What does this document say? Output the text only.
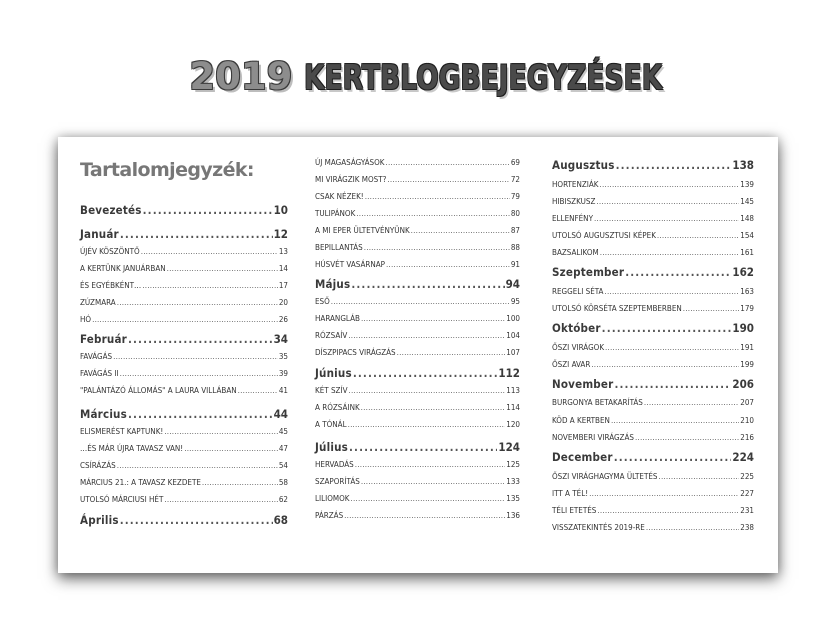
2019 KERTBLOGBEJEGYZÉSEK
Tartalomjegyzék:
Bevezetés .....	10
Január .....	12
ÚJÉV KÖSZÖNTŐ .....	13
A KERTÜNK JANUÁRBAN .....	14
ÉS EGYÉBKÉNT… .....	17
ZÚZMARA .....	20
HÓ .....	26
Február .....	34
FAVÁGÁS .....	35
FAVÁGÁS II .....	39
"PALÁNTÁZÓ ÁLLOMÁS" A LAURA VILLÁBAN .....	41
Március .....	44
ELISMERÉST KAPTUNK! .....	45
…ÉS MÁR ÚJRA TAVASZ VAN! .....	47
CSÍRÁZÁS .....	54
MÁRCIUS 21.: A TAVASZ KEZDETE .....	58
UTOLSÓ MÁRCIUSI HÉT .....	62
Április .....	68
ÚJ MAGASÁGYÁSOK .....	69
MI VIRÁGZIK MOST? .....	72
CSAK NÉZEK! .....	79
TULIPÁNOK .....	80
A MI EPER ÜLTETVÉNYÜNK .....	87
BEPILLANTÁS .....	88
HÚSVÉT VASÁRNAP .....	91
Május .....	94
ESŐ .....	95
HARANGLÁB .....	100
RÓZSAÍV .....	104
DÍSZPIPACS VIRÁGZÁS .....	107
Június .....	112
KÉT SZÍV .....	113
A RÓZSÁINK .....	114
A TÓNÁL .....	120
Július .....	124
HERVADÁS .....	125
SZAPORÍTÁS .....	133
LILIOMOK .....	135
PÁRZÁS .....	136
Augusztus .....	138
HORTENZIÁK .....	139
HIBISZKUSZ .....	145
ELLENFÉNY .....	148
UTOLSÓ AUGUSZTUSI KÉPEK .....	154
BAZSALIKOM .....	161
Szeptember .....	162
REGGELI SÉTA .....	163
UTOLSÓ KÖRSÉTA SZEPTEMBERBEN .....	179
Október .....	190
ŐSZI VIRÁGOK .....	191
ŐSZI AVAR .....	199
November .....	206
BURGONYA BETAKARÍTÁS .....	207
KÖD A KERTBEN .....	210
NOVEMBERI VIRÁGZÁS .....	216
December .....	224
ŐSZI VIRÁGHAGYMA ÜLTETÉS .....	225
ITT A TÉL! .....	227
TÉLI ETETÉS .....	231
VISSZATEKINTÉS 2019-RE .....	238
